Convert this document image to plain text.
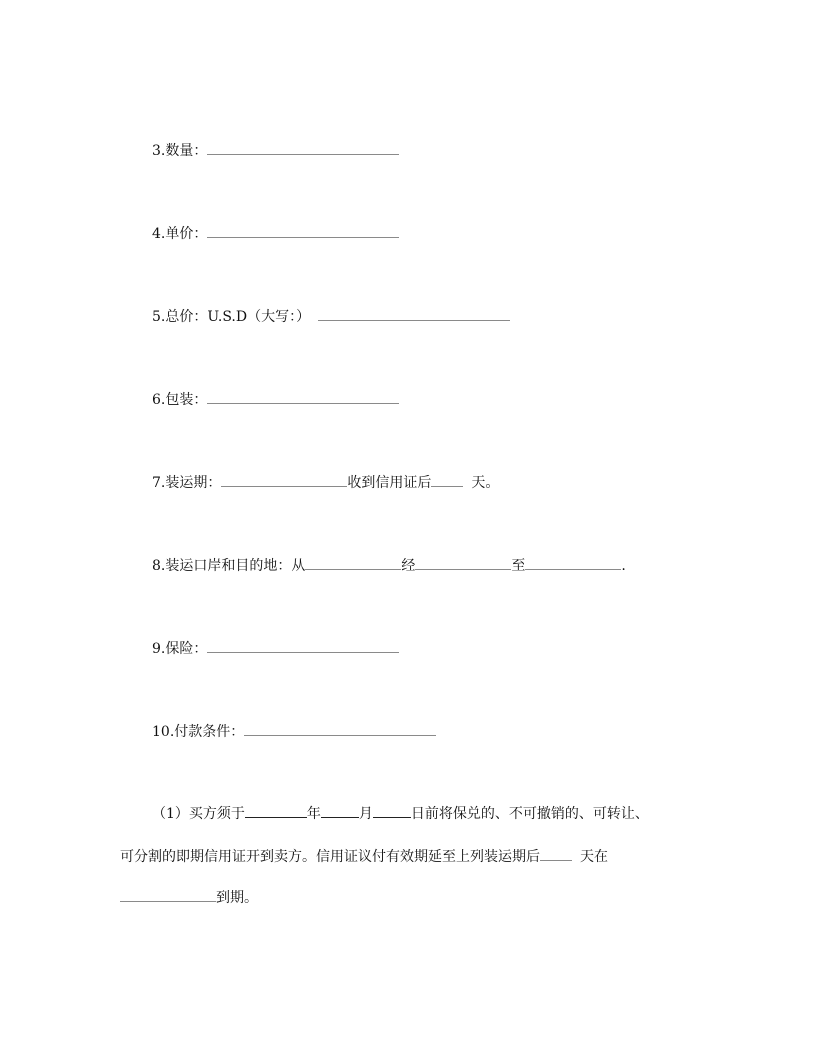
3.数量：
4.单价：
5.总价：U.S.D（大写：）
6.包装：
7.装运期：	收到信用证后	天。
8.装运口岸和目的地：从	经	至	.
9.保险：
10.付款条件：
（1）买方须于	年	月	日前将保兑的、不可撤销的、可转让、
可分割的即期信用证开到卖方。信用证议付有效期延至上列装运期后	天在
到期。
